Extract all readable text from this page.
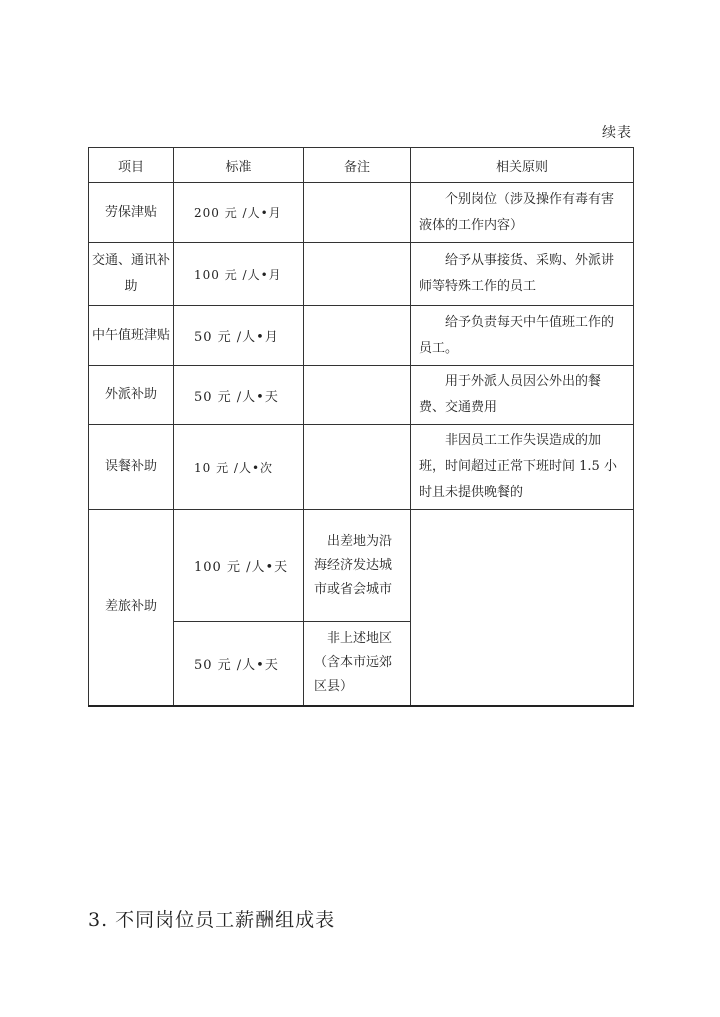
续表
项目	标准	备注	相关原则
劳保津贴	200 元 /人•月		个别岗位（涉及操作有毒有害液体的工作内容）
交通、通讯补助	100 元 /人•月		给予从事接货、采购、外派讲师等特殊工作的员工
中午值班津贴	50 元 /人•月		给予负责每天中午值班工作的员工。
外派补助	50 元 /人•天		用于外派人员因公外出的餐费、交通费用
误餐补助	10 元 /人•次		非因员工工作失误造成的加班，时间超过正常下班时间 1.5 小时且未提供晚餐的
差旅补助	100 元 /人•天	出差地为沿海经济发达城市或省会城市	
	50 元 /人•天	非上述地区（含本市远郊区县）	
3. 不同岗位员工薪酬组成表
